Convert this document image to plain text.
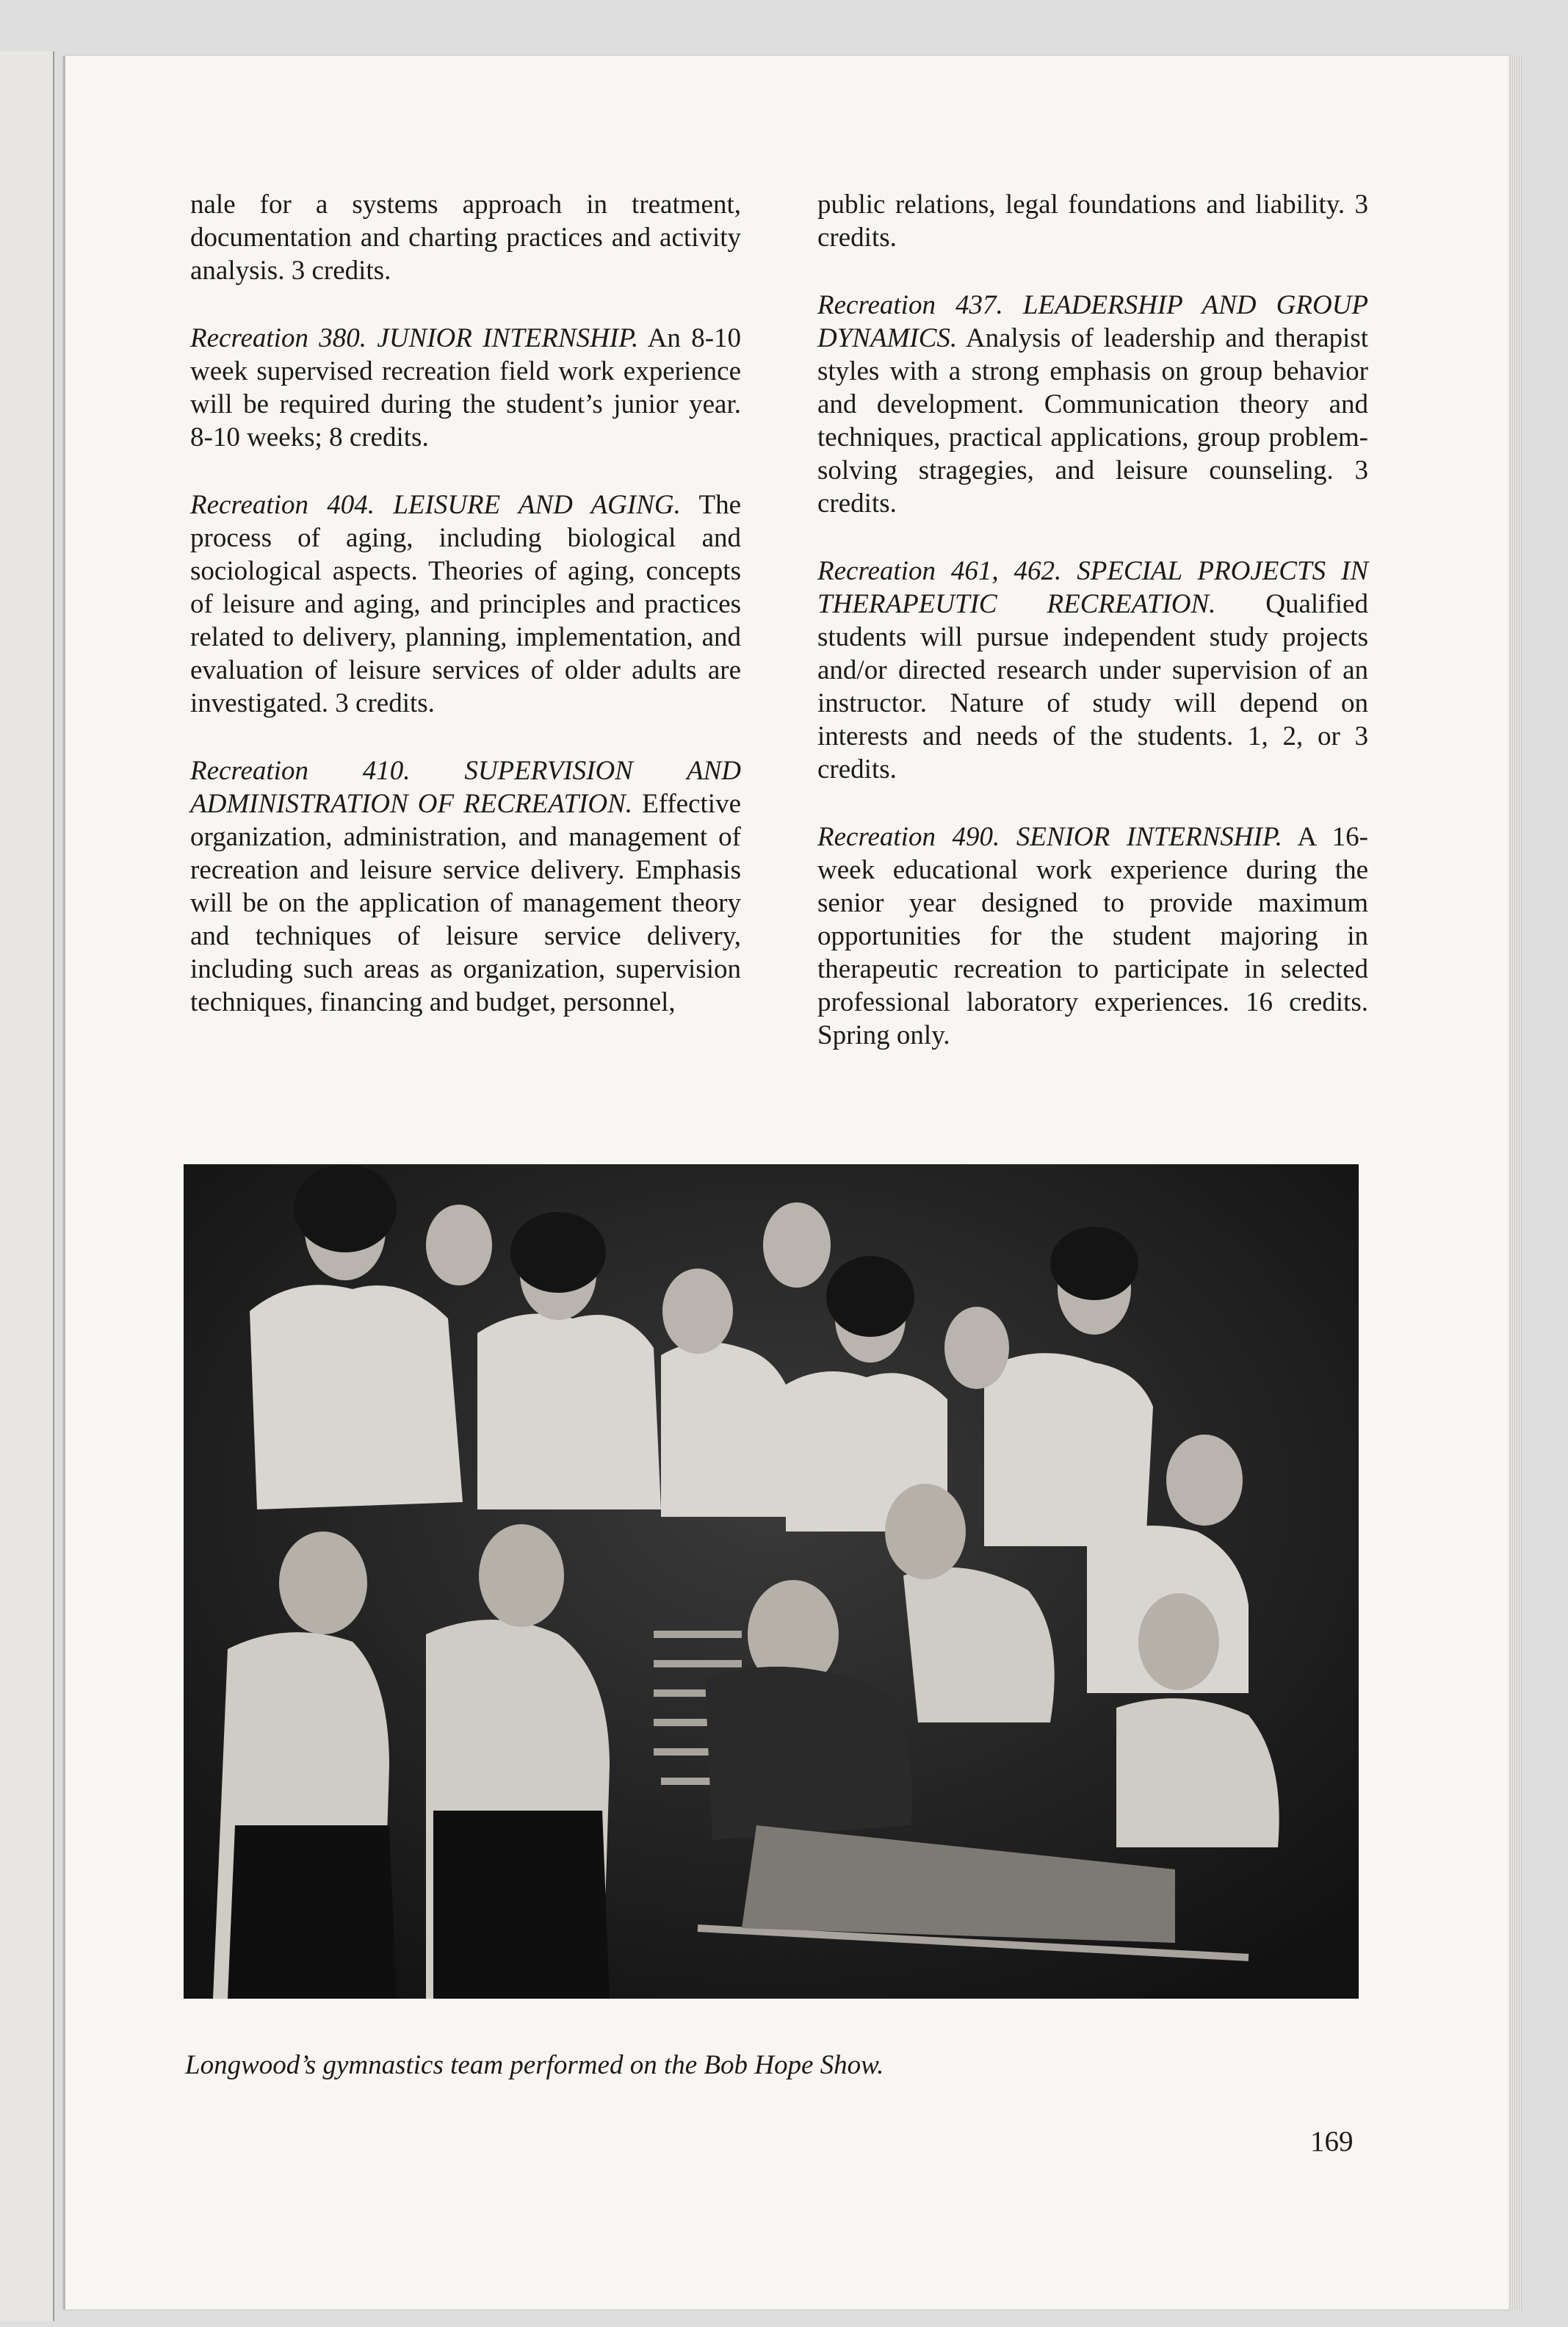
nale for a systems approach in treatment, documentation and charting practices and activity analysis. 3 credits.

Recreation 380. JUNIOR INTERNSHIP. An 8-10 week supervised recreation field work experience will be required during the student’s junior year. 8-10 weeks; 8 credits.

Recreation 404. LEISURE AND AGING. The process of aging, including biological and sociological aspects. Theories of aging, concepts of leisure and aging, and principles and practices related to delivery, planning, implementation, and evaluation of leisure services of older adults are investigated. 3 credits.

Recreation 410. SUPERVISION AND ADMINISTRATION OF RECREATION. Effective organization, administration, and management of recreation and leisure service delivery. Emphasis will be on the application of management theory and techniques of leisure service delivery, including such areas as organization, supervision techniques, financing and budget, personnel,

public relations, legal foundations and liability. 3 credits.

Recreation 437. LEADERSHIP AND GROUP DYNAMICS. Analysis of leadership and therapist styles with a strong emphasis on group behavior and development. Communication theory and techniques, practical applications, group problem-solving stragegies, and leisure counseling. 3 credits.

Recreation 461, 462. SPECIAL PROJECTS IN THERAPEUTIC RECREATION. Qualified students will pursue independent study projects and/or directed research under supervision of an instructor. Nature of study will depend on interests and needs of the students. 1, 2, or 3 credits.

Recreation 490. SENIOR INTERNSHIP. A 16-week educational work experience during the senior year designed to provide maximum opportunities for the student majoring in therapeutic recreation to participate in selected professional laboratory experiences. 16 credits. Spring only.

Longwood’s gymnastics team performed on the Bob Hope Show.
169
